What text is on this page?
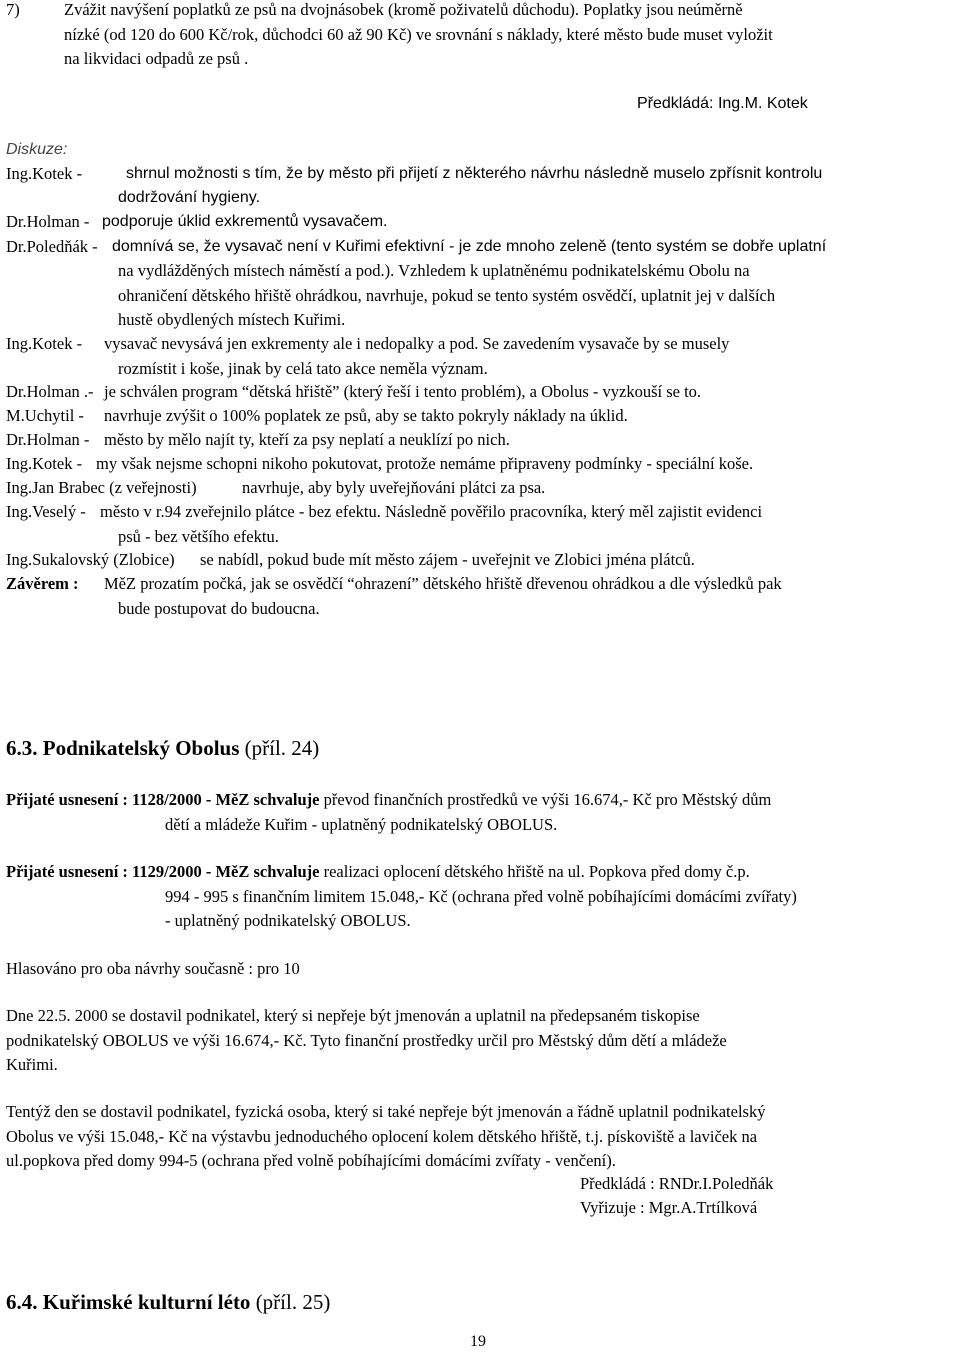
7)	Zvážit navýšení poplatků ze psů na dvojnásobek (kromě poživatelů důchodu). Poplatky jsou neúměrně
nízké (od 120 do 600 Kč/rok, důchodci 60 až 90 Kč) ve srovnání s náklady, které město bude muset vyložit
na likvidaci odpadů ze psů .
Předkládá: Ing.M. Kotek
Diskuze:
Ing.Kotek -	shrnul možnosti s tím, že by město při přijetí z některého návrhu následně muselo zpřísnit kontrolu
dodržování hygieny.
Dr.Holman - podporuje úklid exkrementů vysavačem.
Dr.Poledňák - domnívá se, že vysavač není v Kuřimi efektivní - je zde mnoho zeleně (tento systém se dobře uplatní
na vydlážděných místech náměstí a pod.). Vzhledem k uplatněnému podnikatelskému Obolu na
ohraničení dětského hřiště ohrádkou, navrhuje, pokud se tento systém osvědčí, uplatnit jej v dalších
hustě obydlených místech Kuřimi.
Ing.Kotek - vysavač nevysává jen exkrementy ale i nedopalky a pod. Se zavedením vysavače by se musely
rozmístit i koše, jinak by celá tato akce neměla význam.
Dr.Holman .- je schválen program “dětská hřiště” (který řeší i tento problém), a Obolus - vyzkouší se to.
M.Uchytil - navrhuje zvýšit o 100% poplatek ze psů, aby se takto pokryly náklady na úklid.
Dr.Holman - město by mělo najít ty, kteří za psy neplatí a neuklízí po nich.
Ing.Kotek - my však nejsme schopni nikoho pokutovat, protože nemáme připraveny podmínky - speciální koše.
Ing.Jan Brabec (z veřejnosti)	navrhuje, aby byly uveřejňováni plátci za psa.
Ing.Veselý - město v r.94 zveřejnilo plátce - bez efektu. Následně pověřilo pracovníka, který měl zajistit evidenci
psů - bez většího efektu.
Ing.Sukalovský (Zlobice) se nabídl, pokud bude mít město zájem - uveřejnit ve Zlobici jména plátců.
Závěrem : MěZ prozatím počká, jak se osvědčí “ohrazení” dětského hřiště dřevenou ohrádkou a dle výsledků pak
bude postupovat do budoucna.
6.3. Podnikatelský Obolus (příl. 24)
Přijaté usnesení : 1128/2000 - MěZ schvaluje převod finančních prostředků ve výši 16.674,- Kč pro Městský dům
dětí a mládeže Kuřim - uplatněný podnikatelský OBOLUS.
Přijaté usnesení : 1129/2000 - MěZ schvaluje realizaci oplocení dětského hřiště na ul. Popkova před domy č.p.
994 - 995 s finančním limitem 15.048,- Kč (ochrana před volně pobíhajícími domácími zvířaty)
- uplatněný podnikatelský OBOLUS.
Hlasováno pro oba návrhy současně : pro 10
Dne 22.5. 2000 se dostavil podnikatel, který si nepřeje být jmenován a uplatnil na předepsaném tiskopise
podnikatelský OBOLUS ve výši 16.674,- Kč. Tyto finanční prostředky určil pro Městský dům dětí a mládeže
Kuřimi.
Tentýž den se dostavil podnikatel, fyzická osoba, který si také nepřeje být jmenován a řádně uplatnil podnikatelský
Obolus ve výši 15.048,- Kč na výstavbu jednoduchého oplocení kolem dětského hřiště, t.j. pískoviště a laviček na
ul.popkova před domy 994-5 (ochrana před volně pobíhajícími domácími zvířaty - venčení).
Předkládá : RNDr.I.Poledňák
Vyřizuje : Mgr.A.Trtílková
6.4. Kuřimské kulturní léto (příl. 25)
19
